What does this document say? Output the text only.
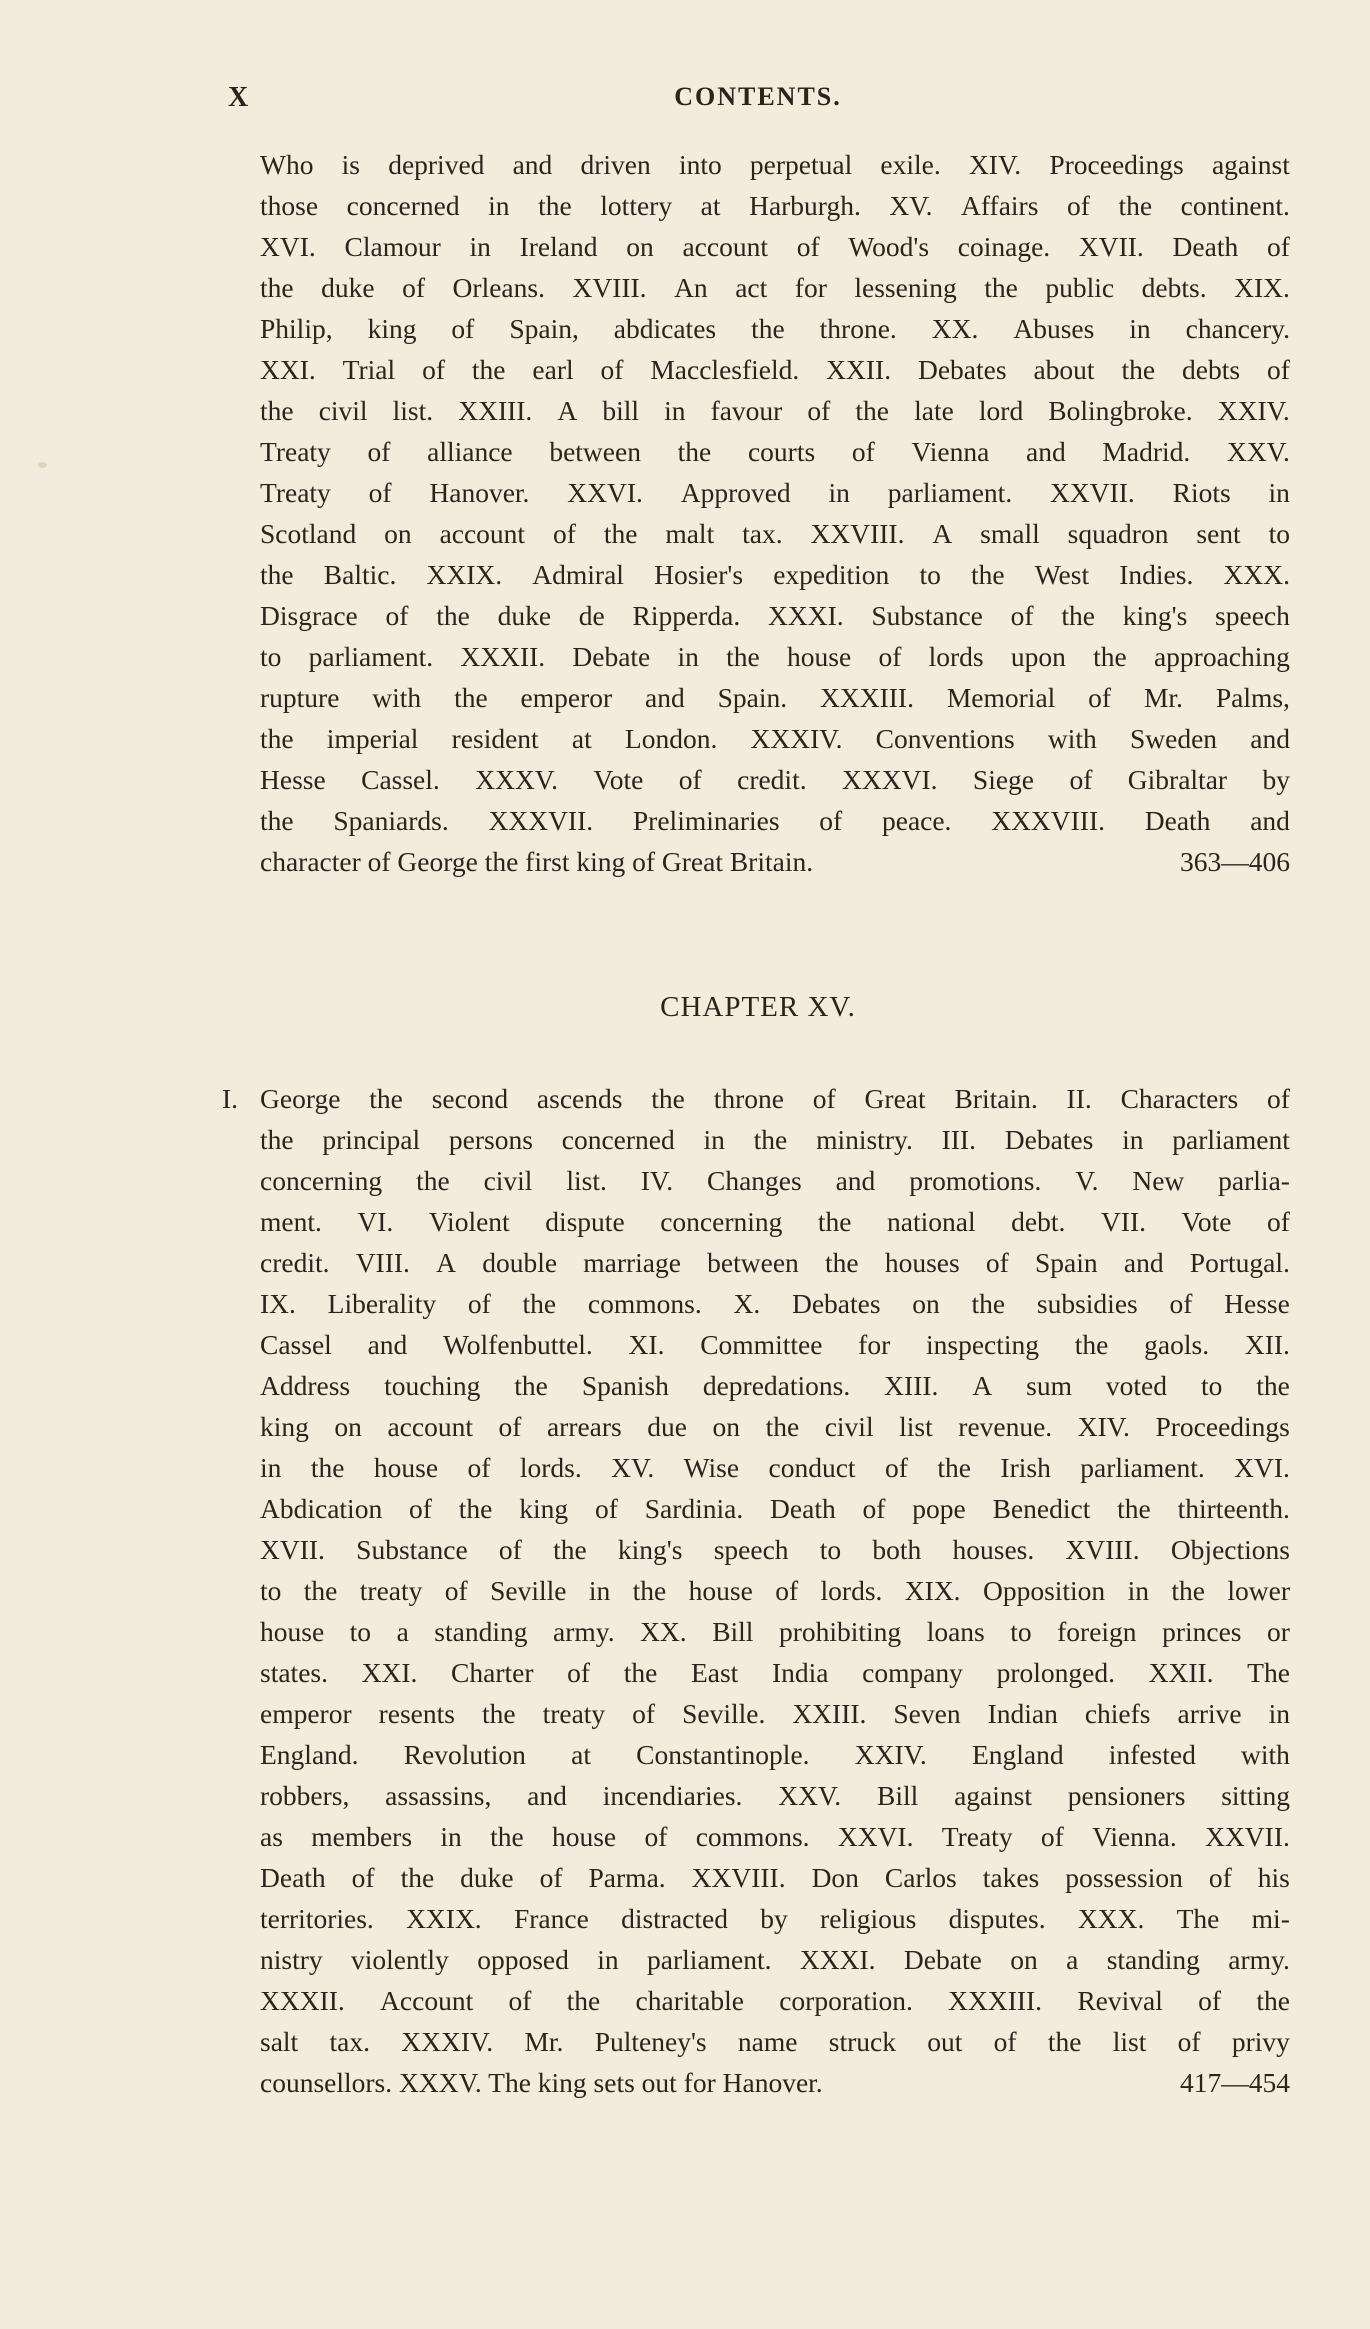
X	CONTENTS.
Who is deprived and driven into perpetual exile. XIV. Proceedings against
those concerned in the lottery at Harburgh. XV. Affairs of the continent.
XVI. Clamour in Ireland on account of Wood's coinage. XVII. Death of
the duke of Orleans. XVIII. An act for lessening the public debts. XIX.
Philip, king of Spain, abdicates the throne. XX. Abuses in chancery.
XXI. Trial of the earl of Macclesfield. XXII. Debates about the debts of
the civil list. XXIII. A bill in favour of the late lord Bolingbroke. XXIV.
Treaty of alliance between the courts of Vienna and Madrid. XXV.
Treaty of Hanover. XXVI. Approved in parliament. XXVII. Riots in
Scotland on account of the malt tax. XXVIII. A small squadron sent to
the Baltic. XXIX. Admiral Hosier's expedition to the West Indies. XXX.
Disgrace of the duke de Ripperda. XXXI. Substance of the king's speech
to parliament. XXXII. Debate in the house of lords upon the approaching
rupture with the emperor and Spain. XXXIII. Memorial of Mr. Palms,
the imperial resident at London. XXXIV. Conventions with Sweden and
Hesse Cassel. XXXV. Vote of credit. XXXVI. Siege of Gibraltar by
the Spaniards. XXXVII. Preliminaries of peace. XXXVIII. Death and
character of George the first king of Great Britain.	363—406
CHAPTER XV.
I. George the second ascends the throne of Great Britain. II. Characters of
the principal persons concerned in the ministry. III. Debates in parliament
concerning the civil list. IV. Changes and promotions. V. New parlia-
ment. VI. Violent dispute concerning the national debt. VII. Vote of
credit. VIII. A double marriage between the houses of Spain and Portugal.
IX. Liberality of the commons. X. Debates on the subsidies of Hesse
Cassel and Wolfenbuttel. XI. Committee for inspecting the gaols. XII.
Address touching the Spanish depredations. XIII. A sum voted to the
king on account of arrears due on the civil list revenue. XIV. Proceedings
in the house of lords. XV. Wise conduct of the Irish parliament. XVI.
Abdication of the king of Sardinia. Death of pope Benedict the thirteenth.
XVII. Substance of the king's speech to both houses. XVIII. Objections
to the treaty of Seville in the house of lords. XIX. Opposition in the lower
house to a standing army. XX. Bill prohibiting loans to foreign princes or
states. XXI. Charter of the East India company prolonged. XXII. The
emperor resents the treaty of Seville. XXIII. Seven Indian chiefs arrive in
England. Revolution at Constantinople. XXIV. England infested with
robbers, assassins, and incendiaries. XXV. Bill against pensioners sitting
as members in the house of commons. XXVI. Treaty of Vienna. XXVII.
Death of the duke of Parma. XXVIII. Don Carlos takes possession of his
territories. XXIX. France distracted by religious disputes. XXX. The mi-
nistry violently opposed in parliament. XXXI. Debate on a standing army.
XXXII. Account of the charitable corporation. XXXIII. Revival of the
salt tax. XXXIV. Mr. Pulteney's name struck out of the list of privy
counsellors. XXXV. The king sets out for Hanover.	417—454
